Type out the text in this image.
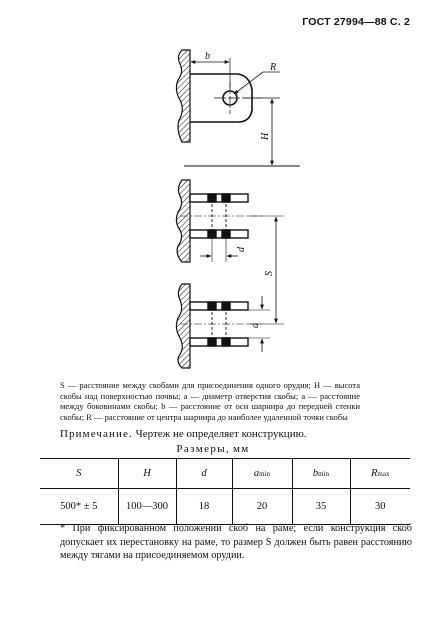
ГОСТ 27994—88 С. 2
b
R
H
d
S
a
S — расстояние между скобами для присоединения одного орудия; H — высота скобы над поверхностью почвы; a — диаметр отверстия скобы; a — расстояние между боковинами скобы; b — расстояние от оси шарнира до передней стенки скобы; R — расстояние от центра шарнира до наиболее удаленной точки скобы
Примечание. Чертеж не определяет конструкцию.
Размеры, мм
S	H	d	amin	bmin	Rmax
500* ± 5	100—300	18	20	35	30
* При фиксированном положении скоб на раме; если конструкция скоб допускает их перестановку на раме, то размер S должен быть равен расстоянию между тягами на присоединяемом орудии.
